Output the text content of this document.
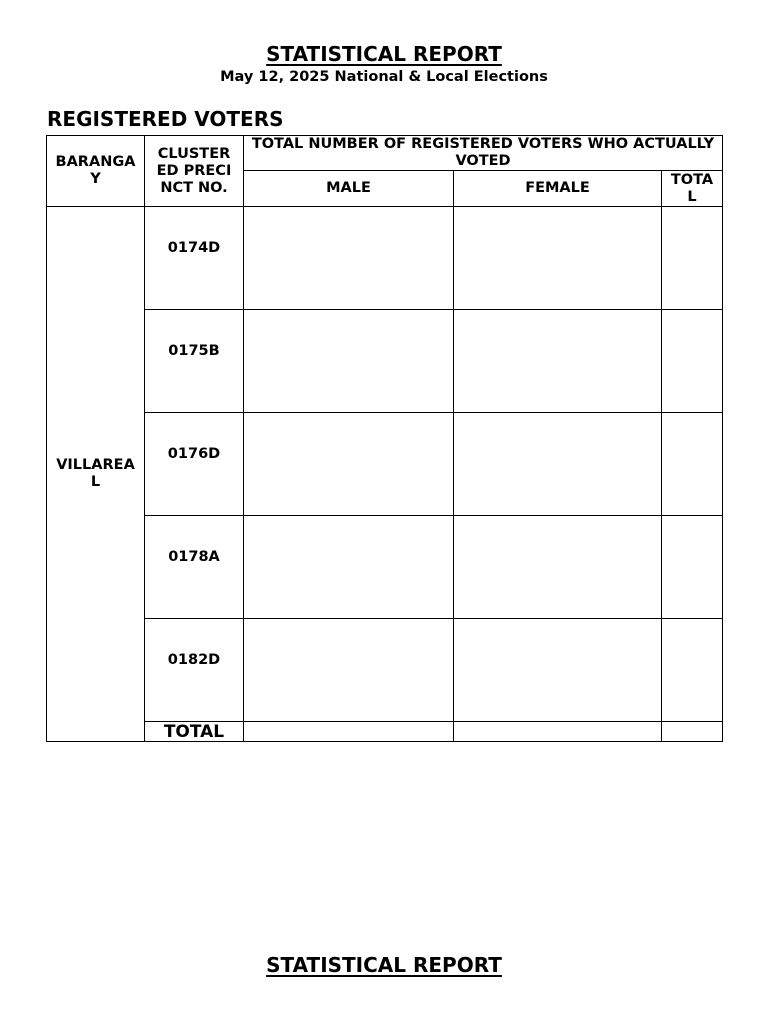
STATISTICAL REPORT
May 12, 2025 National & Local Elections
REGISTERED VOTERS
BARANGAY	CLUSTERED PRECINCT NO.	TOTAL NUMBER OF REGISTERED VOTERS WHO ACTUALLY VOTED		
		MALE	FEMALE	TOTAL
VILLAREAL	0174D			
	0175B			
	0176D			
	0178A			
	0182D			
	TOTAL			
STATISTICAL REPORT
